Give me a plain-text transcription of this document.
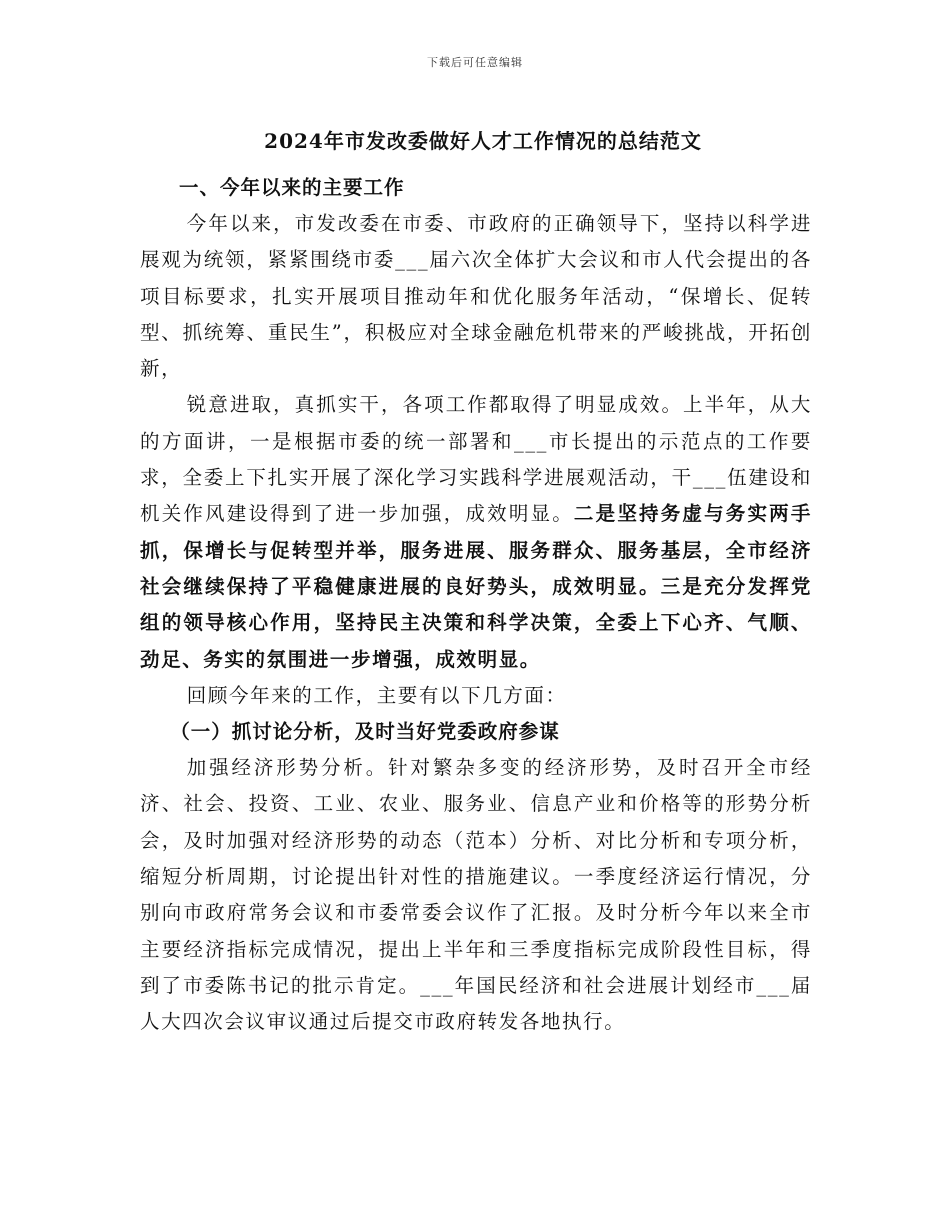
下载后可任意编辑
2024年市发改委做好人才工作情况的总结范文
一、今年以来的主要工作

今年以来，市发改委在市委、市政府的正确领导下，坚持以科学进展观为统领，紧紧围绕市委___届六次全体扩大会议和市人代会提出的各项目标要求，扎实开展项目推动年和优化服务年活动，“保增长、促转型、抓统筹、重民生”，积极应对全球金融危机带来的严峻挑战，开拓创新，

锐意进取，真抓实干，各项工作都取得了明显成效。上半年，从大的方面讲，一是根据市委的统一部署和___市长提出的示范点的工作要求，全委上下扎实开展了深化学习实践科学进展观活动，干___伍建设和机关作风建设得到了进一步加强，成效明显。二是坚持务虚与务实两手抓，保增长与促转型并举，服务进展、服务群众、服务基层，全市经济社会继续保持了平稳健康进展的良好势头，成效明显。三是充分发挥党组的领导核心作用，坚持民主决策和科学决策，全委上下心齐、气顺、劲足、务实的氛围进一步增强，成效明显。

回顾今年来的工作，主要有以下几方面：

（一）抓讨论分析，及时当好党委政府参谋

加强经济形势分析。针对繁杂多变的经济形势，及时召开全市经济、社会、投资、工业、农业、服务业、信息产业和价格等的形势分析会，及时加强对经济形势的动态（范本）分析、对比分析和专项分析，缩短分析周期，讨论提出针对性的措施建议。一季度经济运行情况，分别向市政府常务会议和市委常委会议作了汇报。及时分析今年以来全市主要经济指标完成情况，提出上半年和三季度指标完成阶段性目标，得到了市委陈书记的批示肯定。___年国民经济和社会进展计划经市___届人大四次会议审议通过后提交市政府转发各地执行。
